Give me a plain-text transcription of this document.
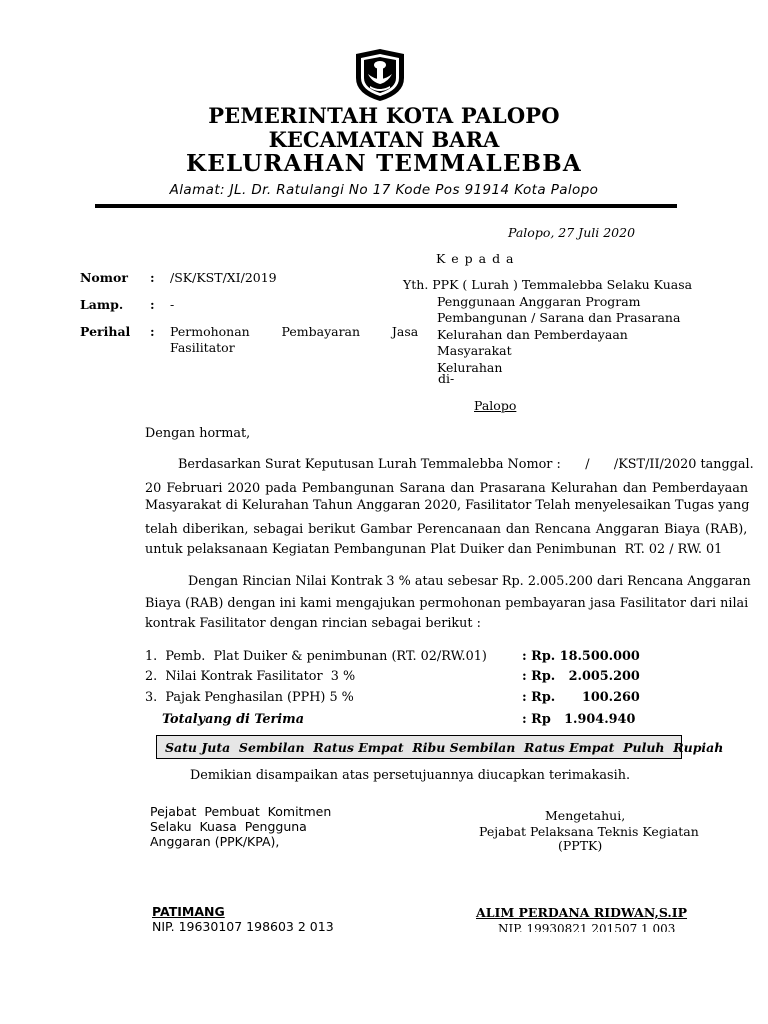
PEMERINTAH KOTA PALOPO
KECAMATAN BARA
KELURAHAN TEMMALEBBA
Alamat: JL. Dr. Ratulangi No 17 Kode Pos 91914 Kota Palopo
Palopo, 27 Juli 2020
K e p a d a
Nomor : /SK/KST/XI/2019
Lamp. : -
Perihal : Permohonan        Pembayaran        Jasa
Fasilitator
Yth. PPK ( Lurah ) Temmalebba Selaku Kuasa
Penggunaan Anggaran Program
Pembangunan / Sarana dan Prasarana
Kelurahan dan Pemberdayaan Masyarakat
Kelurahan
di-
Palopo
Dengan hormat,
Berdasarkan Surat Keputusan Lurah Temmalebba Nomor :      /      /KST/II/2020 tanggal.
20 Februari 2020 pada Pembangunan Sarana dan Prasarana Kelurahan dan Pemberdayaan
Masyarakat di Kelurahan Tahun Anggaran 2020, Fasilitator Telah menyelesaikan Tugas yang
telah diberikan, sebagai berikut Gambar Perencanaan dan Rencana Anggaran Biaya (RAB),
untuk pelaksanaan Kegiatan Pembangunan Plat Duiker dan Penimbunan  RT. 02 / RW. 01
Dengan Rincian Nilai Kontrak 3 % atau sebesar Rp. 2.005.200 dari Rencana Anggaran
Biaya (RAB) dengan ini kami mengajukan permohonan pembayaran jasa Fasilitator dari nilai
kontrak Fasilitator dengan rincian sebagai berikut :
1.  Pemb.  Plat Duiker & penimbunan (RT. 02/RW.01)	: Rp. 18.500.000
2.  Nilai Kontrak Fasilitator  3 %	: Rp.   2.005.200
3.  Pajak Penghasilan (PPH) 5 %	: Rp.      100.260
Totalyang di Terima	: Rp   1.904.940
Satu Juta  Sembilan  Ratus Empat  Ribu Sembilan  Ratus Empat  Puluh  Rupiah
Demikian disampaikan atas persetujuannya diucapkan terimakasih.
Pejabat  Pembuat  Komitmen
Selaku  Kuasa  Pengguna
Anggaran (PPK/KPA),
PATIMANG
NIP. 19630107 198603 2 013
Mengetahui,
Pejabat Pelaksana Teknis Kegiatan
(PPTK)
ALIM PERDANA RIDWAN,S.IP
NIP. 19930821 201507 1 003
